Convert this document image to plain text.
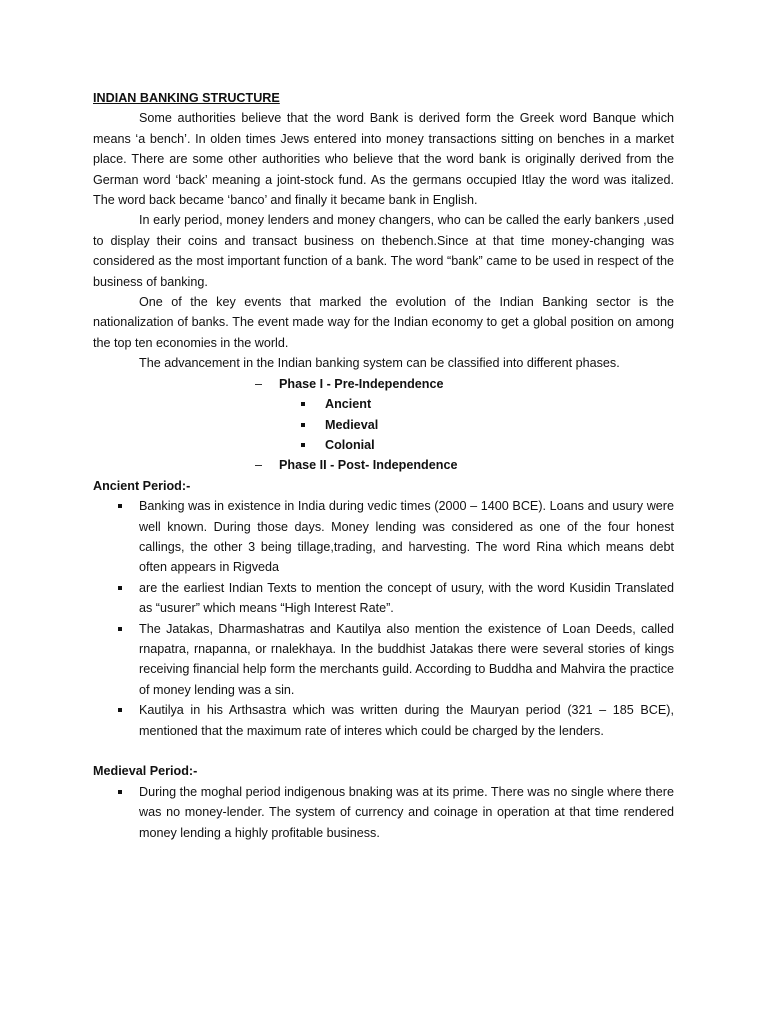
INDIAN BANKING STRUCTURE

Some authorities believe that the word Bank is derived form the Greek word Banque which means ‘a bench’. In olden times Jews entered into money transactions sitting on benches in a market place. There are some other authorities who believe that the word bank is originally derived from the German word ‘back’ meaning a joint-stock fund. As the germans occupied Itlay the word was italized. The word back became ‘banco’ and finally it became bank in English.

In early period, money lenders and money changers, who can be called the early bankers ,used to display their coins and transact business on thebench.Since at that time money-changing was considered as the most important function of a bank. The word “bank” came to be used in respect of the business of banking.

One of the key events that marked the evolution of the Indian Banking sector is the nationalization of banks. The event made way for the Indian economy to get a global position on among the top ten economies in the world.

The advancement in the Indian banking system can be classified into different phases.

– Phase I - Pre-Independence
Ancient
Medieval
Colonial
– Phase II - Post- Independence

Ancient Period:-

Banking was in existence in India during vedic times (2000 – 1400 BCE). Loans and usury were well known. During those days. Money lending was considered as one of the four honest callings, the other 3 being tillage,trading, and harvesting. The word Rina which means debt often appears in Rigveda
are the earliest Indian Texts to mention the concept of usury, with the word Kusidin Translated as “usurer” which means “High Interest Rate”.
The Jatakas, Dharmashatras and Kautilya also mention the existence of Loan Deeds, called rnapatra, rnapanna, or rnalekhaya. In the buddhist Jatakas there were several stories of kings receiving financial help form the merchants guild. According to Buddha and Mahvira the practice of money lending was a sin.
Kautilya in his Arthsastra which was written during the Mauryan period (321 – 185 BCE), mentioned that the maximum rate of interes which could be charged by the lenders.

Medieval Period:-

During the moghal period indigenous bnaking was at its prime. There was no single where there was no money-lender. The system of currency and coinage in operation at that time rendered money lending a highly profitable business.
